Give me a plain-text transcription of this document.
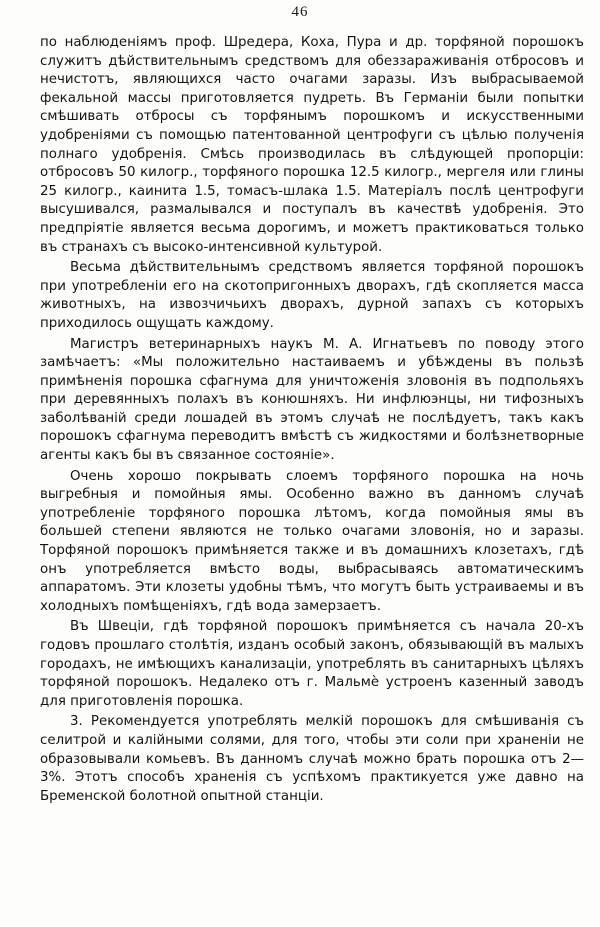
46

по наблюденіямъ проф. Шредера, Коха, Пура и др. торфяной порошокъ служитъ дѣйствительнымъ средствомъ для обеззараживанія отбросовъ и нечистотъ, являющихся часто очагами заразы. Изъ выбрасываемой фекальной массы приготовляется пудреть. Въ Германіи были попытки смѣшивать отбросы съ торфянымъ порошкомъ и искусственными удобреніями съ помощью патентованной центрофуги съ цѣлью полученія полнаго удобренія. Смѣсь производилась въ слѣдующей пропорціи: отбросовъ 50 килогр., торфяного порошка 12.5 килогр., мергеля или глины 25 килогр., каинита 1.5, томасъ-шлака 1.5. Матеріалъ послѣ центрофуги высушивался, размалывался и поступалъ въ качествѣ удобренія. Это предпріятіе является весьма дорогимъ, и можетъ практиковаться только въ странахъ съ высоко-интенсивной культурой.

Весьма дѣйствительнымъ средствомъ является торфяной порошокъ при употребленіи его на скотопригонныхъ дворахъ, гдѣ скопляется масса животныхъ, на извозчичьихъ дворахъ, дурной запахъ съ которыхъ приходилось ощущать каждому.

Магистръ ветеринарныхъ наукъ М. А. Игнатьевъ по поводу этого замѣчаетъ: «Мы положительно настаиваемъ и убѣждены въ пользѣ примѣненія порошка сфагнума для уничтоженія зловонія въ подпольяхъ при деревянныхъ полахъ въ конюшняхъ. Ни инфлюэнцы, ни тифозныхъ заболѣваній среди лошадей въ этомъ случаѣ не послѣдуетъ, такъ какъ порошокъ сфагнума переводитъ вмѣстѣ съ жидкостями и болѣзнетворные агенты какъ бы въ связанное состояніе».

Очень хорошо покрывать слоемъ торфяного порошка на ночь выгребныя и помойныя ямы. Особенно важно въ данномъ случаѣ употребленіе торфяного порошка лѣтомъ, когда помойныя ямы въ большей степени являются не только очагами зловонія, но и заразы. Торфяной порошокъ примѣняется также и въ домашнихъ клозетахъ, гдѣ онъ употребляется вмѣсто воды, выбрасываясь автоматическимъ аппаратомъ. Эти клозеты удобны тѣмъ, что могутъ быть устраиваемы и въ холодныхъ помѣщеніяхъ, гдѣ вода замерзаетъ.

Въ Швеціи, гдѣ торфяной порошокъ примѣняется съ начала 20-хъ годовъ прошлаго столѣтія, изданъ особый законъ, обязывающій въ малыхъ городахъ, не имѣющихъ канализаціи, употреблять въ санитарныхъ цѣляхъ торфяной порошокъ. Недалеко отъ г. Мальмѐ устроенъ казенный заводъ для приготовленія порошка.

3. Рекомендуется употреблять мелкій порошокъ для смѣшиванія съ селитрой и калійными солями, для того, чтобы эти соли при храненіи не образовывали комьевъ. Въ данномъ случаѣ можно брать порошка отъ 2—3%. Этотъ способъ храненія съ успѣхомъ практикуется уже давно на Бременской болотной опытной станціи.
